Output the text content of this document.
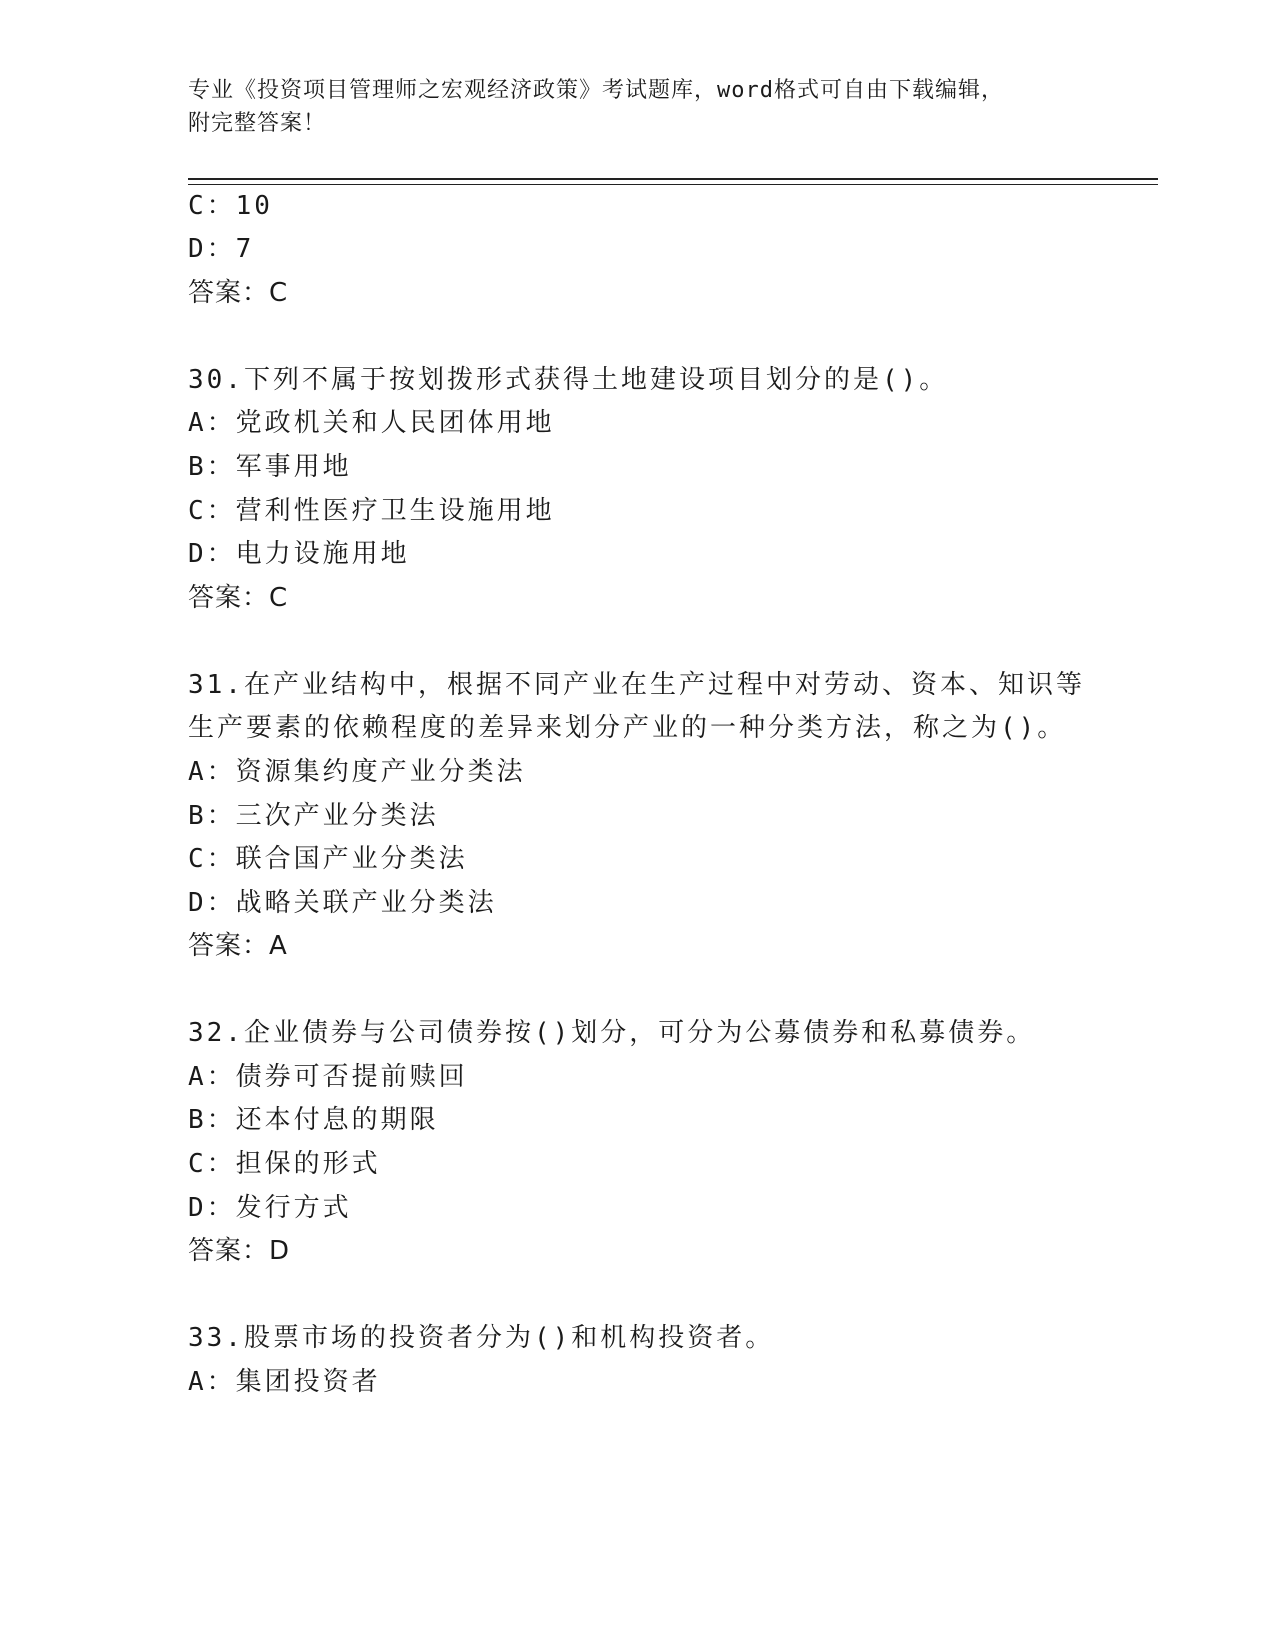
专业《投资项目管理师之宏观经济政策》考试题库，word格式可自由下载编辑，
附完整答案！
C：10
D：7
答案：C
30.下列不属于按划拨形式获得土地建设项目划分的是()。
A：党政机关和人民团体用地
B：军事用地
C：营利性医疗卫生设施用地
D：电力设施用地
答案：C
31.在产业结构中，根据不同产业在生产过程中对劳动、资本、知识等
生产要素的依赖程度的差异来划分产业的一种分类方法，称之为()。
A：资源集约度产业分类法
B：三次产业分类法
C：联合国产业分类法
D：战略关联产业分类法
答案：A
32.企业债券与公司债券按()划分，可分为公募债券和私募债券。
A：债券可否提前赎回
B：还本付息的期限
C：担保的形式
D：发行方式
答案：D
33.股票市场的投资者分为()和机构投资者。
A：集团投资者
